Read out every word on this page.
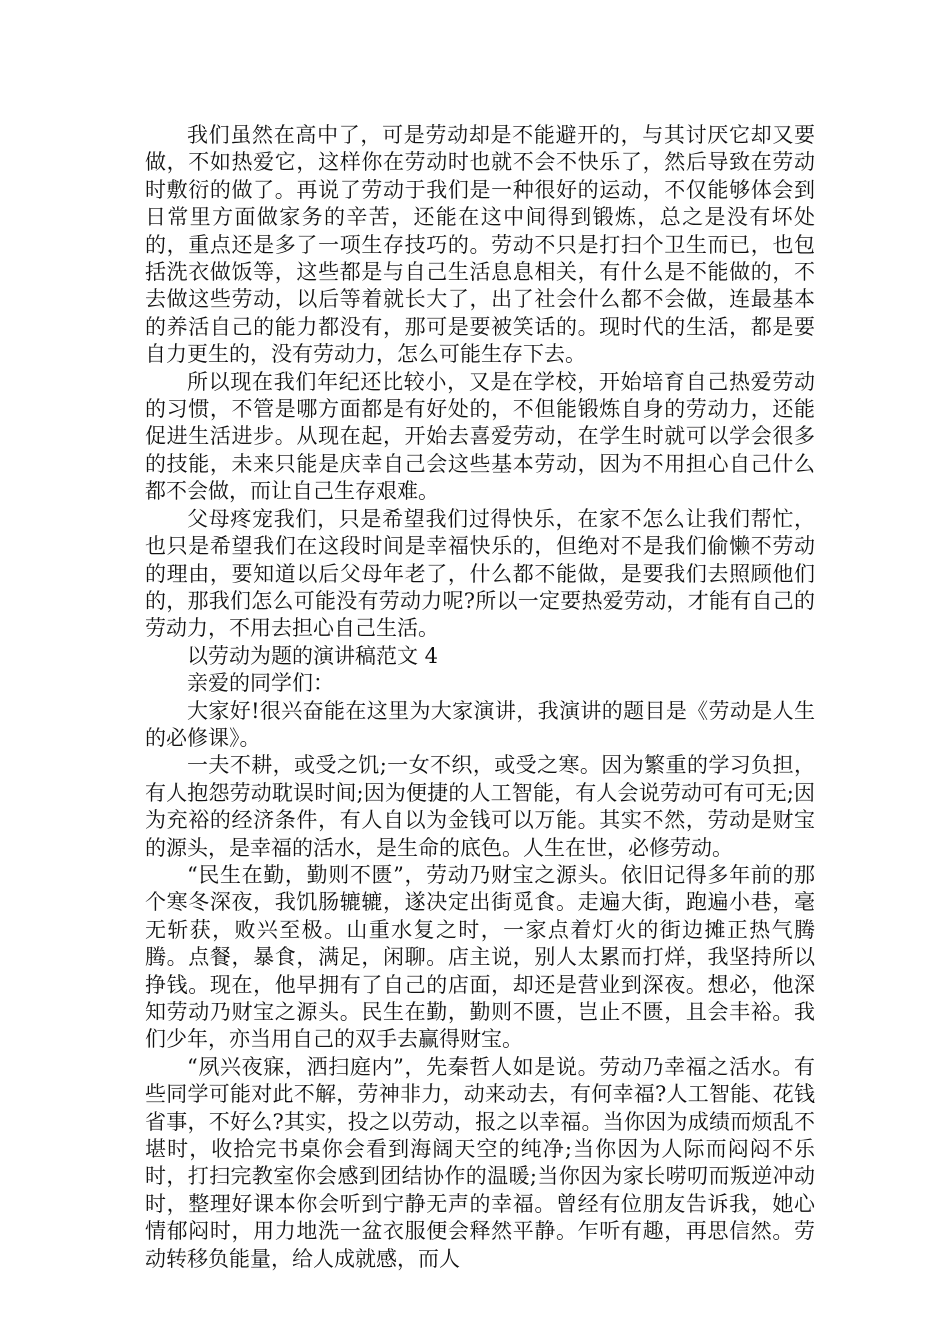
我们虽然在高中了，可是劳动却是不能避开的，与其讨厌它却又要做，不如热爱它，这样你在劳动时也就不会不快乐了，然后导致在劳动时敷衍的做了。再说了劳动于我们是一种很好的运动，不仅能够体会到日常里方面做家务的辛苦，还能在这中间得到锻炼，总之是没有坏处的，重点还是多了一项生存技巧的。劳动不只是打扫个卫生而已，也包括洗衣做饭等，这些都是与自己生活息息相关，有什么是不能做的，不去做这些劳动，以后等着就长大了，出了社会什么都不会做，连最基本的养活自己的能力都没有，那可是要被笑话的。现时代的生活，都是要自力更生的，没有劳动力，怎么可能生存下去。

所以现在我们年纪还比较小，又是在学校，开始培育自己热爱劳动的习惯，不管是哪方面都是有好处的，不但能锻炼自身的劳动力，还能促进生活进步。从现在起，开始去喜爱劳动，在学生时就可以学会很多的技能，未来只能是庆幸自己会这些基本劳动，因为不用担心自己什么都不会做，而让自己生存艰难。

父母疼宠我们，只是希望我们过得快乐，在家不怎么让我们帮忙，也只是希望我们在这段时间是幸福快乐的，但绝对不是我们偷懒不劳动的理由，要知道以后父母年老了，什么都不能做，是要我们去照顾他们的，那我们怎么可能没有劳动力呢?所以一定要热爱劳动，才能有自己的劳动力，不用去担心自己生活。

以劳动为题的演讲稿范文 4

亲爱的同学们：

大家好!很兴奋能在这里为大家演讲，我演讲的题目是《劳动是人生的必修课》。

一夫不耕，或受之饥;一女不织，或受之寒。因为繁重的学习负担，有人抱怨劳动耽误时间;因为便捷的人工智能，有人会说劳动可有可无;因为充裕的经济条件，有人自以为金钱可以万能。其实不然，劳动是财宝的源头，是幸福的活水，是生命的底色。人生在世，必修劳动。

“民生在勤，勤则不匮”，劳动乃财宝之源头。依旧记得多年前的那个寒冬深夜，我饥肠辘辘，遂决定出街觅食。走遍大街，跑遍小巷，毫无斩获，败兴至极。山重水复之时，一家点着灯火的街边摊正热气腾腾。点餐，暴食，满足，闲聊。店主说，别人太累而打烊，我坚持所以挣钱。现在，他早拥有了自己的店面，却还是营业到深夜。想必，他深知劳动乃财宝之源头。民生在勤，勤则不匮，岂止不匮，且会丰裕。我们少年，亦当用自己的双手去赢得财宝。

“夙兴夜寐，洒扫庭内”，先秦哲人如是说。劳动乃幸福之活水。有些同学可能对此不解，劳神非力，动来动去，有何幸福?人工智能、花钱省事，不好么?其实，投之以劳动，报之以幸福。当你因为成绩而烦乱不堪时，收拾完书桌你会看到海阔天空的纯净;当你因为人际而闷闷不乐时，打扫完教室你会感到团结协作的温暖;当你因为家长唠叨而叛逆冲动时，整理好课本你会听到宁静无声的幸福。曾经有位朋友告诉我，她心情郁闷时，用力地洗一盆衣服便会释然平静。乍听有趣，再思信然。劳动转移负能量，给人成就感，而人
